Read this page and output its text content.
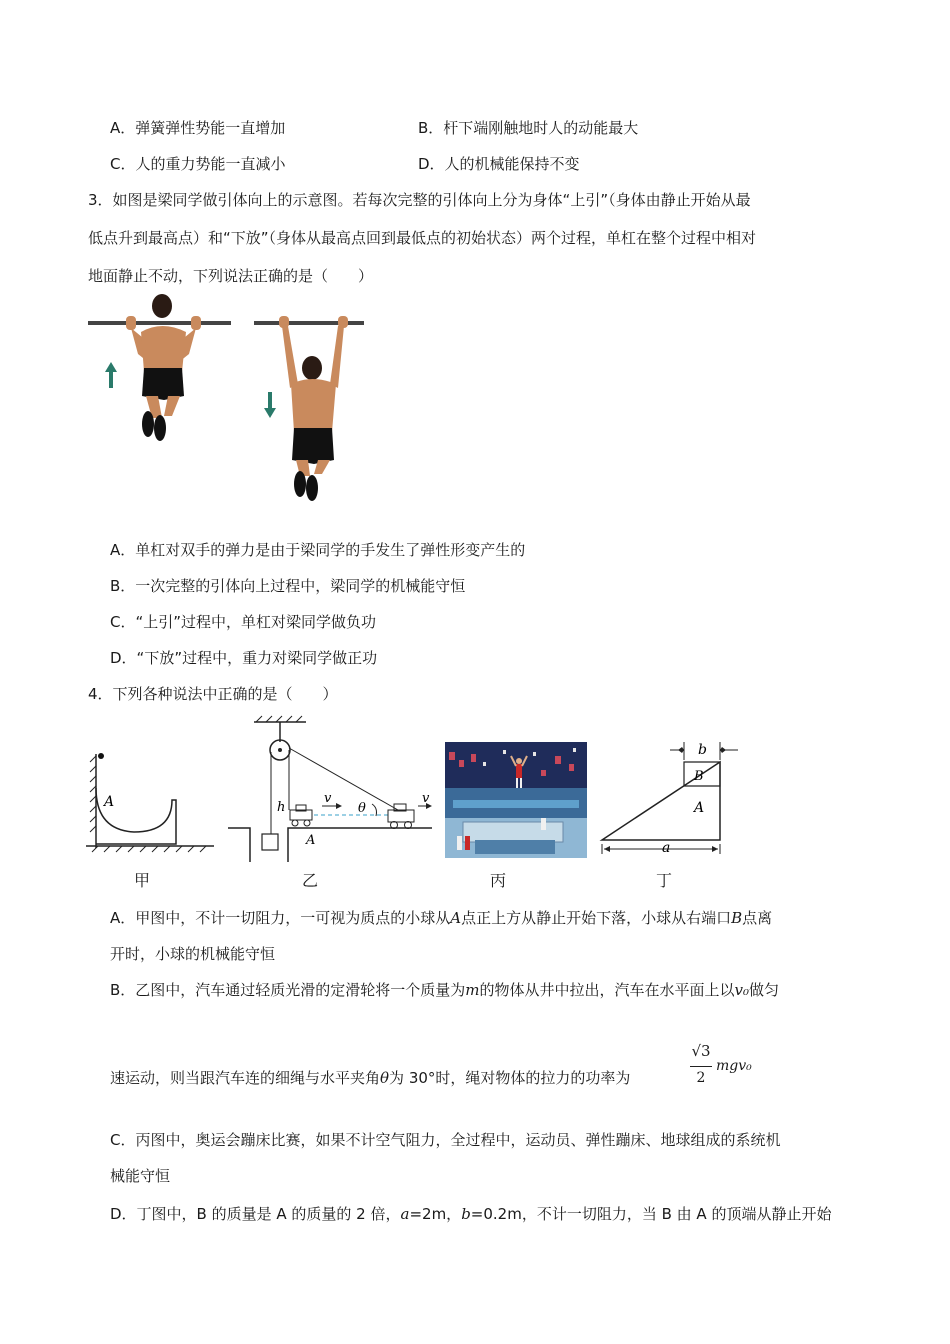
A．弹簧弹性势能一直增加	B．杆下端刚触地时人的动能最大
C．人的重力势能一直减小	D．人的机械能保持不变
3．如图是梁同学做引体向上的示意图。若每次完整的引体向上分为身体“上引”（身体由静止开始从最
低点升到最高点）和“下放”（身体从最高点回到最低点的初始状态）两个过程，单杠在整个过程中相对
地面静止不动，下列说法正确的是（　　）
A．单杠对双手的弹力是由于梁同学的手发生了弹性形变产生的
B．一次完整的引体向上过程中，梁同学的机械能守恒
C．“上引”过程中，单杠对梁同学做负功
D．“下放”过程中，重力对梁同学做正功
4．下列各种说法中正确的是（　　）
A
甲
h
v	v
θ
A
乙	丙
b
B
A
a
丁
A．甲图中，不计一切阻力，一可视为质点的小球从A点正上方从静止开始下落，小球从右端口B点离
开时，小球的机械能守恒
B．乙图中，汽车通过轻质光滑的定滑轮将一个质量为m的物体从井中拉出，汽车在水平面上以v₀做匀
速运动，则当跟汽车连的细绳与水平夹角θ为 30°时，绳对物体的拉力的功率为
√3
2
mgv₀
C．丙图中，奥运会蹦床比赛，如果不计空气阻力，全过程中，运动员、弹性蹦床、地球组成的系统机
械能守恒
D．丁图中，B 的质量是 A 的质量的 2 倍，a=2m，b=0.2m，不计一切阻力，当 B 由 A 的顶端从静止开始
